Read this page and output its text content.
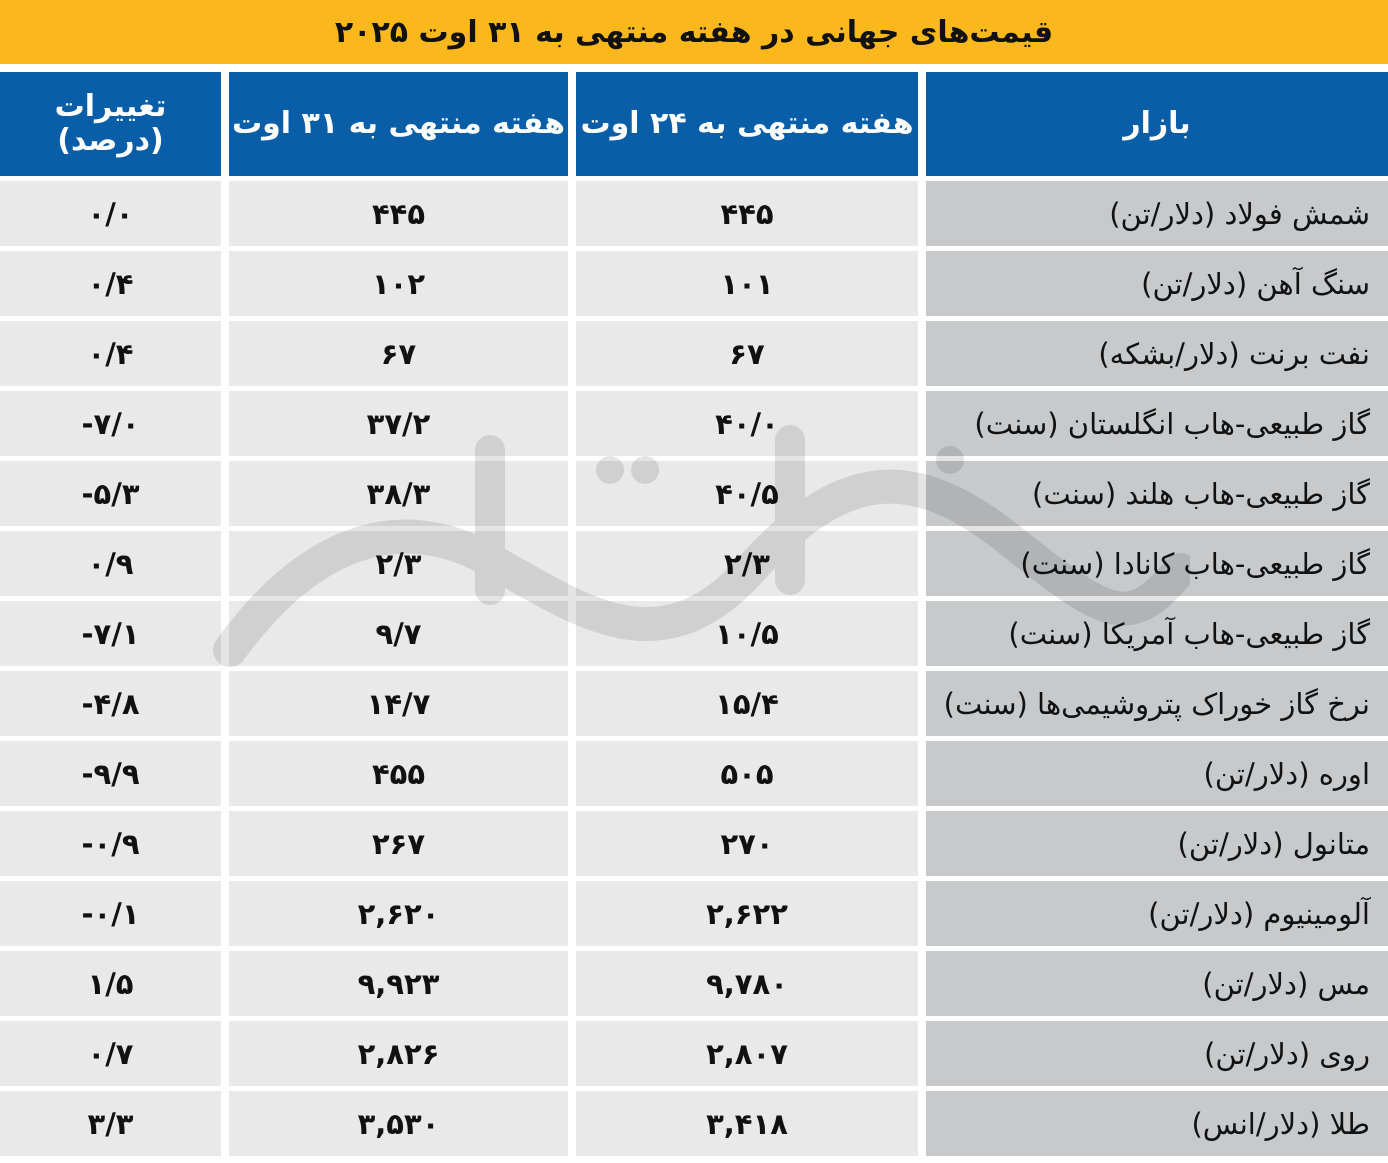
قیمت‌های جهانی در هفته منتهی به ۳۱ اوت ۲۰۲۵
بازار
هفته منتهی به ۲۴ اوت
هفته منتهی به ۳۱ اوت
تغییرات (درصد)
شمش فولاد (دلار/تن)
۴۴۵
۴۴۵
۰/۰
سنگ آهن (دلار/تن)
۱۰۱
۱۰۲
۰/۴
نفت برنت (دلار/بشکه)
۶۷
۶۷
۰/۴
گاز طبیعی-هاب انگلستان (سنت)
۴۰/۰
۳۷/۲
-۷/۰
گاز طبیعی-هاب هلند (سنت)
۴۰/۵
۳۸/۳
-۵/۳
گاز طبیعی-هاب کانادا (سنت)
۲/۳
۲/۳
۰/۹
گاز طبیعی-هاب آمریکا (سنت)
۱۰/۵
۹/۷
-۷/۱
نرخ گاز خوراک پتروشیمی‌ها (سنت)
۱۵/۴
۱۴/۷
-۴/۸
اوره (دلار/تن)
۵۰۵
۴۵۵
-۹/۹
متانول (دلار/تن)
۲۷۰
۲۶۷
-۰/۹
آلومینیوم (دلار/تن)
۲,۶۲۲
۲,۶۲۰
-۰/۱
مس (دلار/تن)
۹,۷۸۰
۹,۹۲۳
۱/۵
روی (دلار/تن)
۲,۸۰۷
۲,۸۲۶
۰/۷
طلا (دلار/انس)
۳,۴۱۸
۳,۵۳۰
۳/۳
